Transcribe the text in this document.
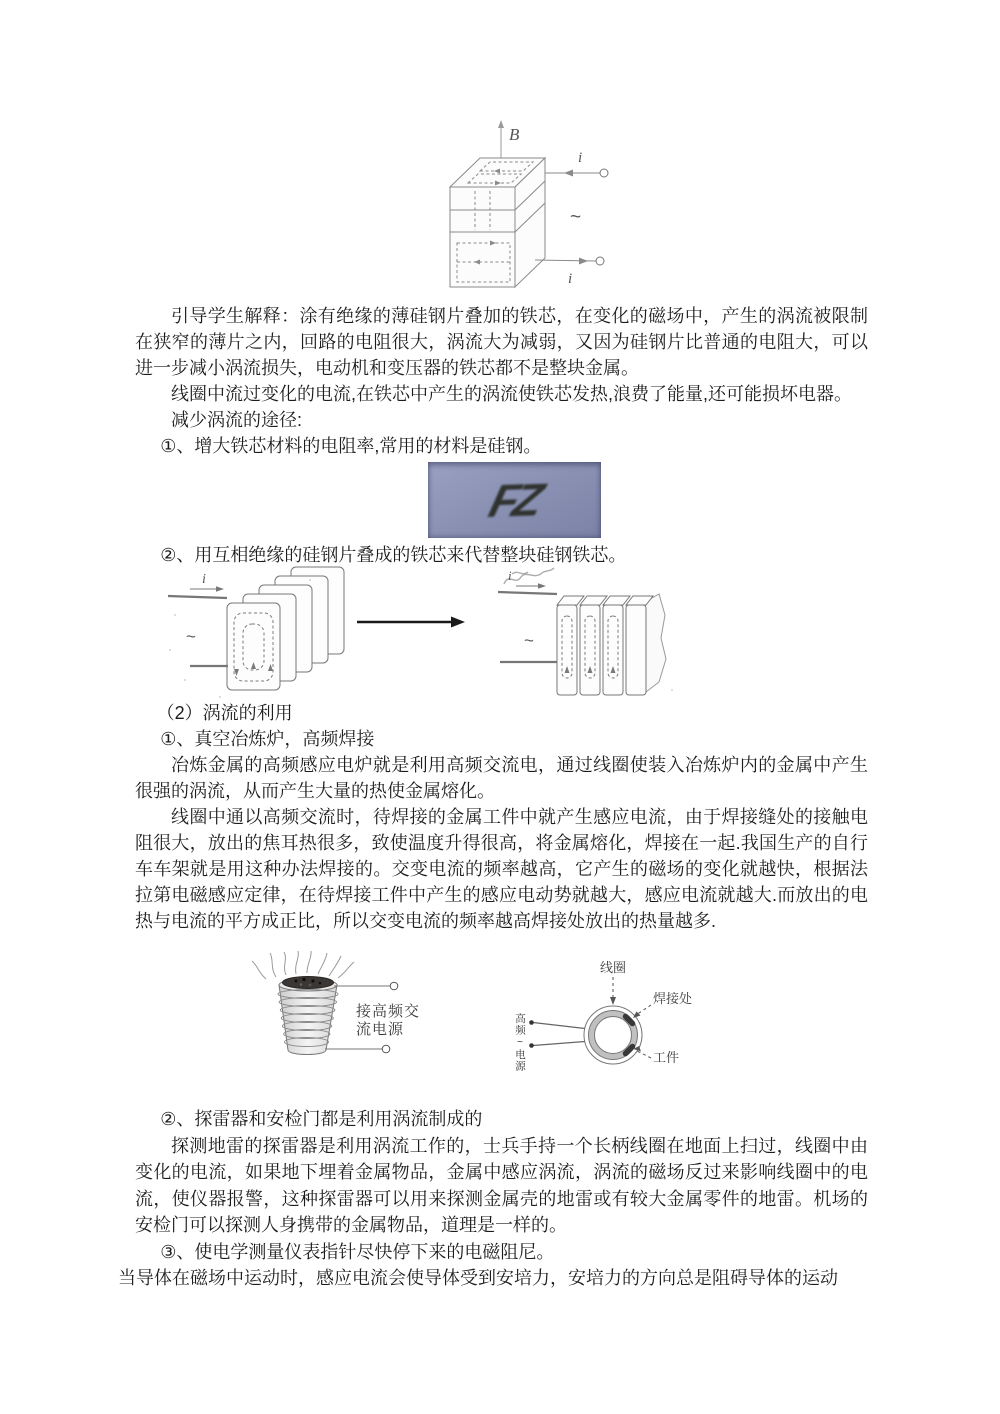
B
i
~
i

引导学生解释：涂有绝缘的薄硅钢片叠加的铁芯，在变化的磁场中，产生的涡流被限制在狭窄的薄片之内，回路的电阻很大，涡流大为减弱，又因为硅钢片比普通的电阻大，可以进一步减小涡流损失，电动机和变压器的铁芯都不是整块金属。

线圈中流过变化的电流,在铁芯中产生的涡流使铁芯发热,浪费了能量,还可能损坏电器。

减少涡流的途径:

①、增大铁芯材料的电阻率,常用的材料是硅钢。

FZ

②、用互相绝缘的硅钢片叠成的铁芯来代替整块硅钢铁芯。

i
~
i
~

（2）涡流的利用

①、真空冶炼炉，高频焊接

冶炼金属的高频感应电炉就是利用高频交流电，通过线圈使装入冶炼炉内的金属中产生很强的涡流，从而产生大量的热使金属熔化。

线圈中通以高频交流时，待焊接的金属工件中就产生感应电流，由于焊接缝处的接触电阻很大，放出的焦耳热很多，致使温度升得很高，将金属熔化，焊接在一起.我国生产的自行车车架就是用这种办法焊接的。交变电流的频率越高，它产生的磁场的变化就越快，根据法拉第电磁感应定律，在待焊接工件中产生的感应电动势就越大，感应电流就越大.而放出的电热与电流的平方成正比，所以交变电流的频率越高焊接处放出的热量越多.

接高频交
流电源
线圈
焊接处
工件
高频~电源

②、探雷器和安检门都是利用涡流制成的

探测地雷的探雷器是利用涡流工作的，士兵手持一个长柄线圈在地面上扫过，线圈中由变化的电流，如果地下埋着金属物品，金属中感应涡流，涡流的磁场反过来影响线圈中的电流，使仪器报警，这种探雷器可以用来探测金属壳的地雷或有较大金属零件的地雷。机场的安检门可以探测人身携带的金属物品，道理是一样的。

③、使电学测量仪表指针尽快停下来的电磁阻尼。

当导体在磁场中运动时，感应电流会使导体受到安培力，安培力的方向总是阻碍导体的运动
